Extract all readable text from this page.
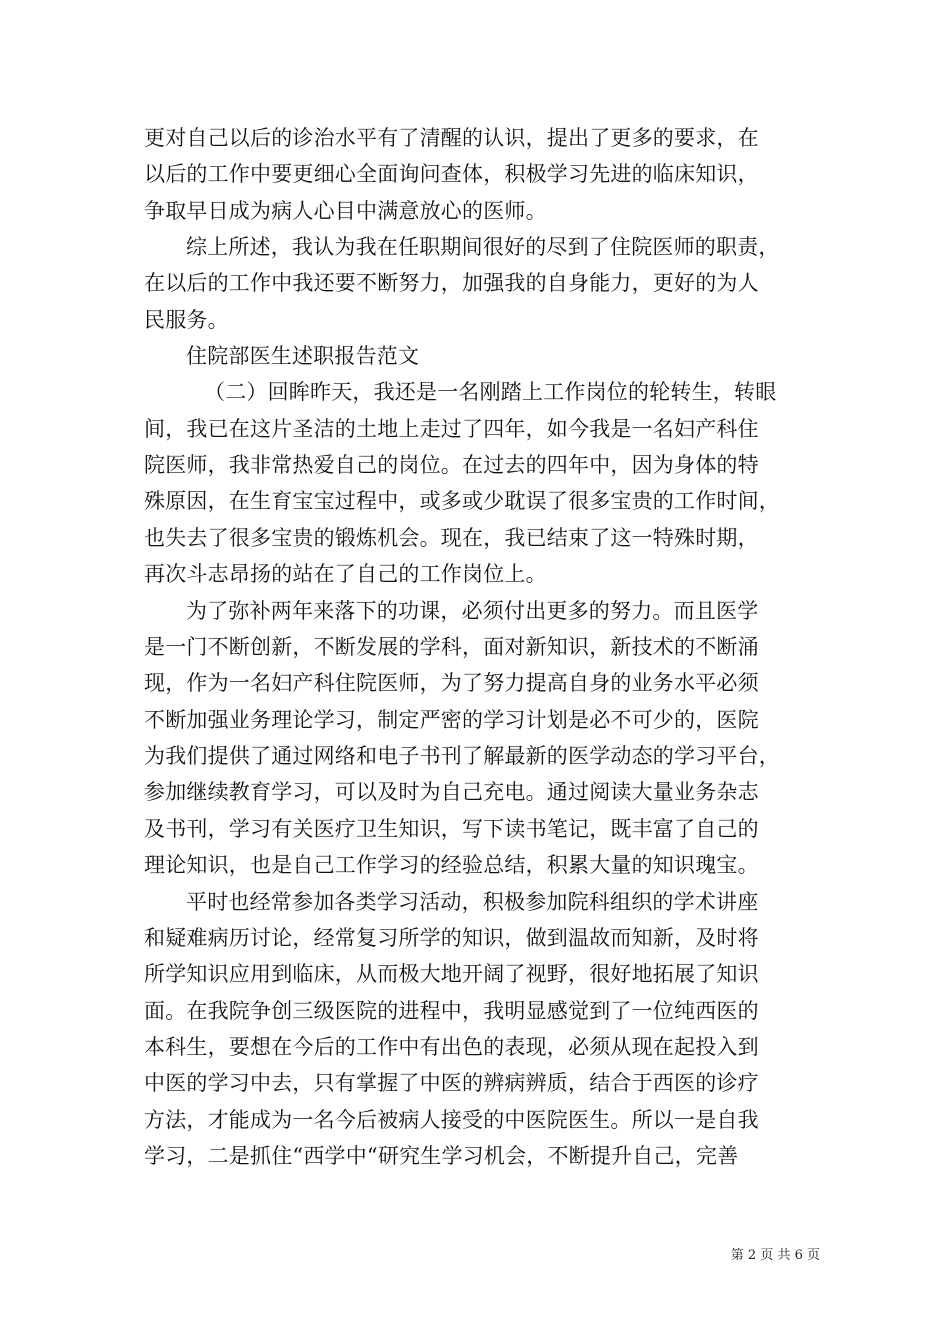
更对自己以后的诊治水平有了清醒的认识，提出了更多的要求，在
以后的工作中要更细心全面询问查体，积极学习先进的临床知识，
争取早日成为病人心目中满意放心的医师。
综上所述，我认为我在任职期间很好的尽到了住院医师的职责，
在以后的工作中我还要不断努力，加强我的自身能力，更好的为人
民服务。
住院部医生述职报告范文
（二）回眸昨天，我还是一名刚踏上工作岗位的轮转生，转眼
间，我已在这片圣洁的土地上走过了四年，如今我是一名妇产科住
院医师，我非常热爱自己的岗位。在过去的四年中，因为身体的特
殊原因，在生育宝宝过程中，或多或少耽误了很多宝贵的工作时间，
也失去了很多宝贵的锻炼机会。现在，我已结束了这一特殊时期，
再次斗志昂扬的站在了自己的工作岗位上。
为了弥补两年来落下的功课，必须付出更多的努力。而且医学
是一门不断创新，不断发展的学科，面对新知识，新技术的不断涌
现，作为一名妇产科住院医师，为了努力提高自身的业务水平必须
不断加强业务理论学习，制定严密的学习计划是必不可少的，医院
为我们提供了通过网络和电子书刊了解最新的医学动态的学习平台，
参加继续教育学习，可以及时为自己充电。通过阅读大量业务杂志
及书刊，学习有关医疗卫生知识，写下读书笔记，既丰富了自己的
理论知识，也是自己工作学习的经验总结，积累大量的知识瑰宝。
平时也经常参加各类学习活动，积极参加院科组织的学术讲座
和疑难病历讨论，经常复习所学的知识，做到温故而知新，及时将
所学知识应用到临床，从而极大地开阔了视野，很好地拓展了知识
面。在我院争创三级医院的进程中，我明显感觉到了一位纯西医的
本科生，要想在今后的工作中有出色的表现，必须从现在起投入到
中医的学习中去，只有掌握了中医的辨病辨质，结合于西医的诊疗
方法，才能成为一名今后被病人接受的中医院医生。所以一是自我
学习，二是抓住“西学中“研究生学习机会，不断提升自己，完善
第 2 页 共 6 页
